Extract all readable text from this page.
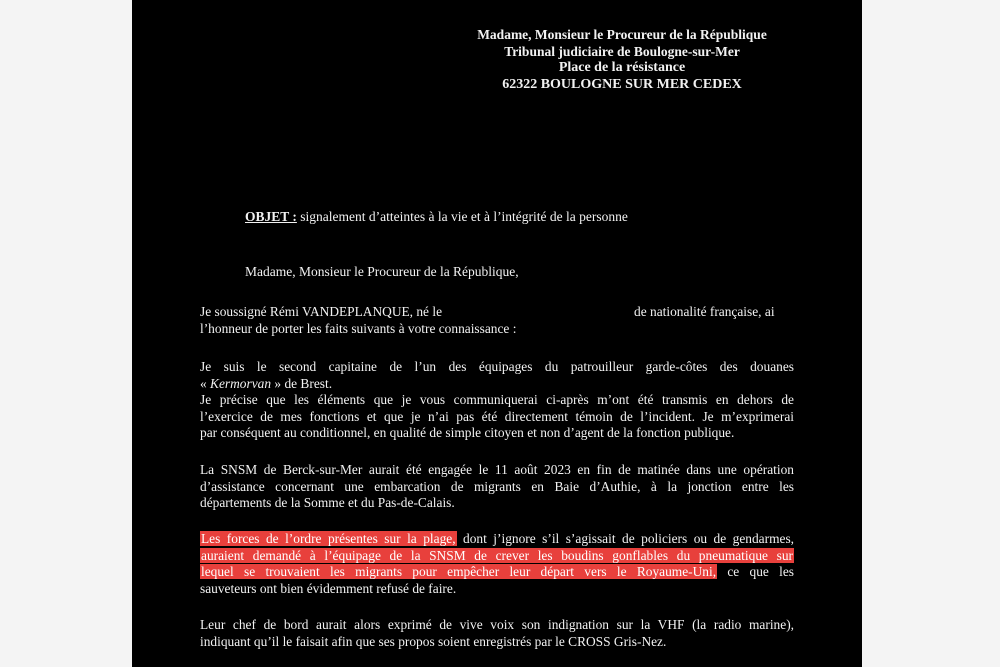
Madame, Monsieur le Procureur de la République
Tribunal judiciaire de Boulogne-sur-Mer
Place de la résistance
62322 BOULOGNE SUR MER CEDEX
OBJET : signalement d’atteintes à la vie et à l’intégrité de la personne
Madame, Monsieur le Procureur de la République,
Je soussigné Rémi VANDEPLANQUE, né le	de nationalité française, ai
l’honneur de porter les faits suivants à votre connaissance :
Je suis le second capitaine de l’un des équipages du patrouilleur garde-côtes des douanes
« Kermorvan » de Brest.
Je précise que les éléments que je vous communiquerai ci-après m’ont été transmis en dehors de
l’exercice de mes fonctions et que je n’ai pas été directement témoin de l’incident. Je m’exprimerai
par conséquent au conditionnel, en qualité de simple citoyen et non d’agent de la fonction publique.
La SNSM de Berck-sur-Mer aurait été engagée le 11 août 2023 en fin de matinée dans une opération
d’assistance concernant une embarcation de migrants en Baie d’Authie, à la jonction entre les
départements de la Somme et du Pas-de-Calais.
Les forces de l’ordre présentes sur la plage, dont j’ignore s’il s’agissait de policiers ou de gendarmes,
auraient demandé à l’équipage de la SNSM de crever les boudins gonflables du pneumatique sur
lequel se trouvaient les migrants pour empêcher leur départ vers le Royaume-Uni, ce que les
sauveteurs ont bien évidemment refusé de faire.
Leur chef de bord aurait alors exprimé de vive voix son indignation sur la VHF (la radio marine),
indiquant qu’il le faisait afin que ses propos soient enregistrés par le CROSS Gris-Nez.
